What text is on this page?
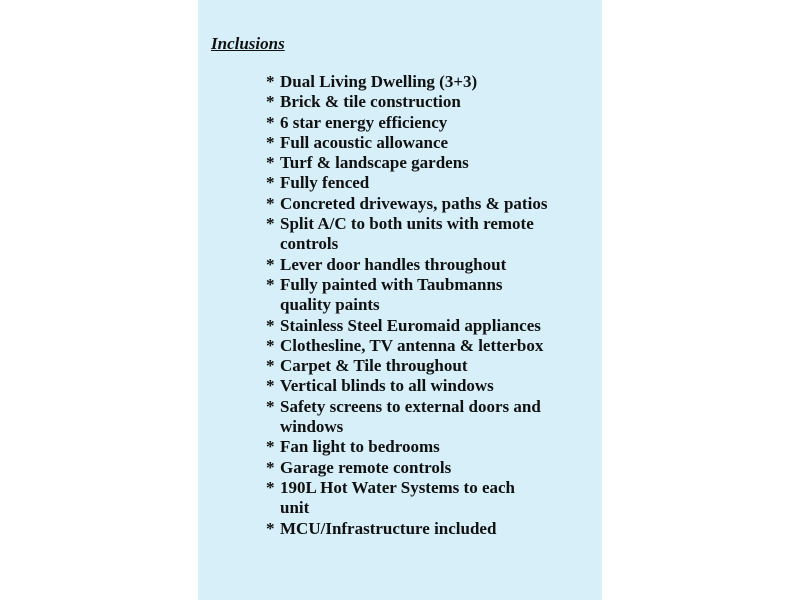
Inclusions
* Dual Living Dwelling (3+3)
* Brick & tile construction
* 6 star energy efficiency
* Full acoustic allowance
* Turf & landscape gardens
* Fully fenced
* Concreted driveways, paths & patios
* Split A/C to both units with remote
controls
* Lever door handles throughout
* Fully painted with Taubmanns
quality paints
* Stainless Steel Euromaid appliances
* Clothesline, TV antenna & letterbox
* Carpet & Tile throughout
* Vertical blinds to all windows
* Safety screens to external doors and
windows
* Fan light to bedrooms
* Garage remote controls
* 190L Hot Water Systems to each
unit
* MCU/Infrastructure included
